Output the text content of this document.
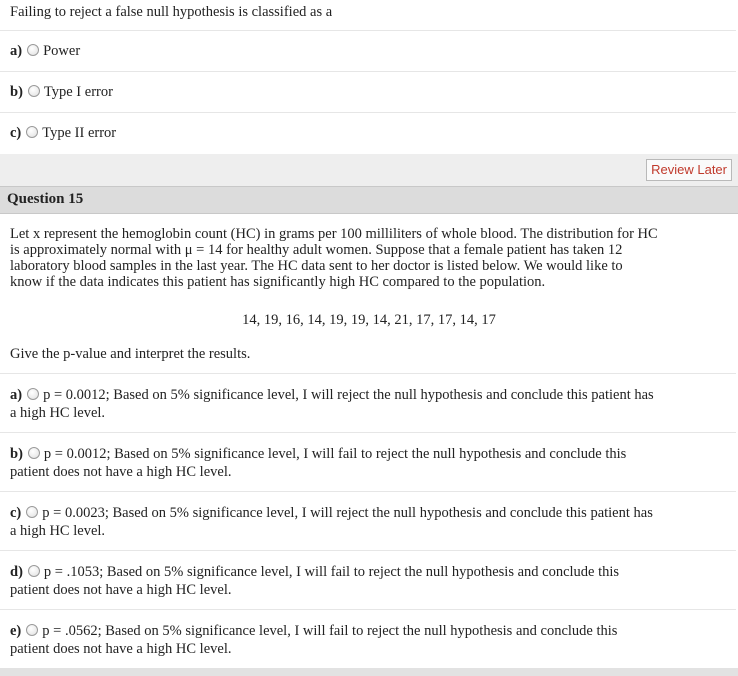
Failing to reject a false null hypothesis is classified as a
a) Power
b) Type I error
c) Type II error
Review Later
Question 15
Let x represent the hemoglobin count (HC) in grams per 100 milliliters of whole blood. The distribution for HC
is approximately normal with μ = 14 for healthy adult women. Suppose that a female patient has taken 12
laboratory blood samples in the last year. The HC data sent to her doctor is listed below. We would like to
know if the data indicates this patient has significantly high HC compared to the population.
14, 19, 16, 14, 19, 19, 14, 21, 17, 17, 14, 17
Give the p-value and interpret the results.
a) p = 0.0012; Based on 5% significance level, I will reject the null hypothesis and conclude this patient has
a high HC level.
b) p = 0.0012; Based on 5% significance level, I will fail to reject the null hypothesis and conclude this
patient does not have a high HC level.
c) p = 0.0023; Based on 5% significance level, I will reject the null hypothesis and conclude this patient has
a high HC level.
d) p = .1053; Based on 5% significance level, I will fail to reject the null hypothesis and conclude this
patient does not have a high HC level.
e) p = .0562; Based on 5% significance level, I will fail to reject the null hypothesis and conclude this
patient does not have a high HC level.
